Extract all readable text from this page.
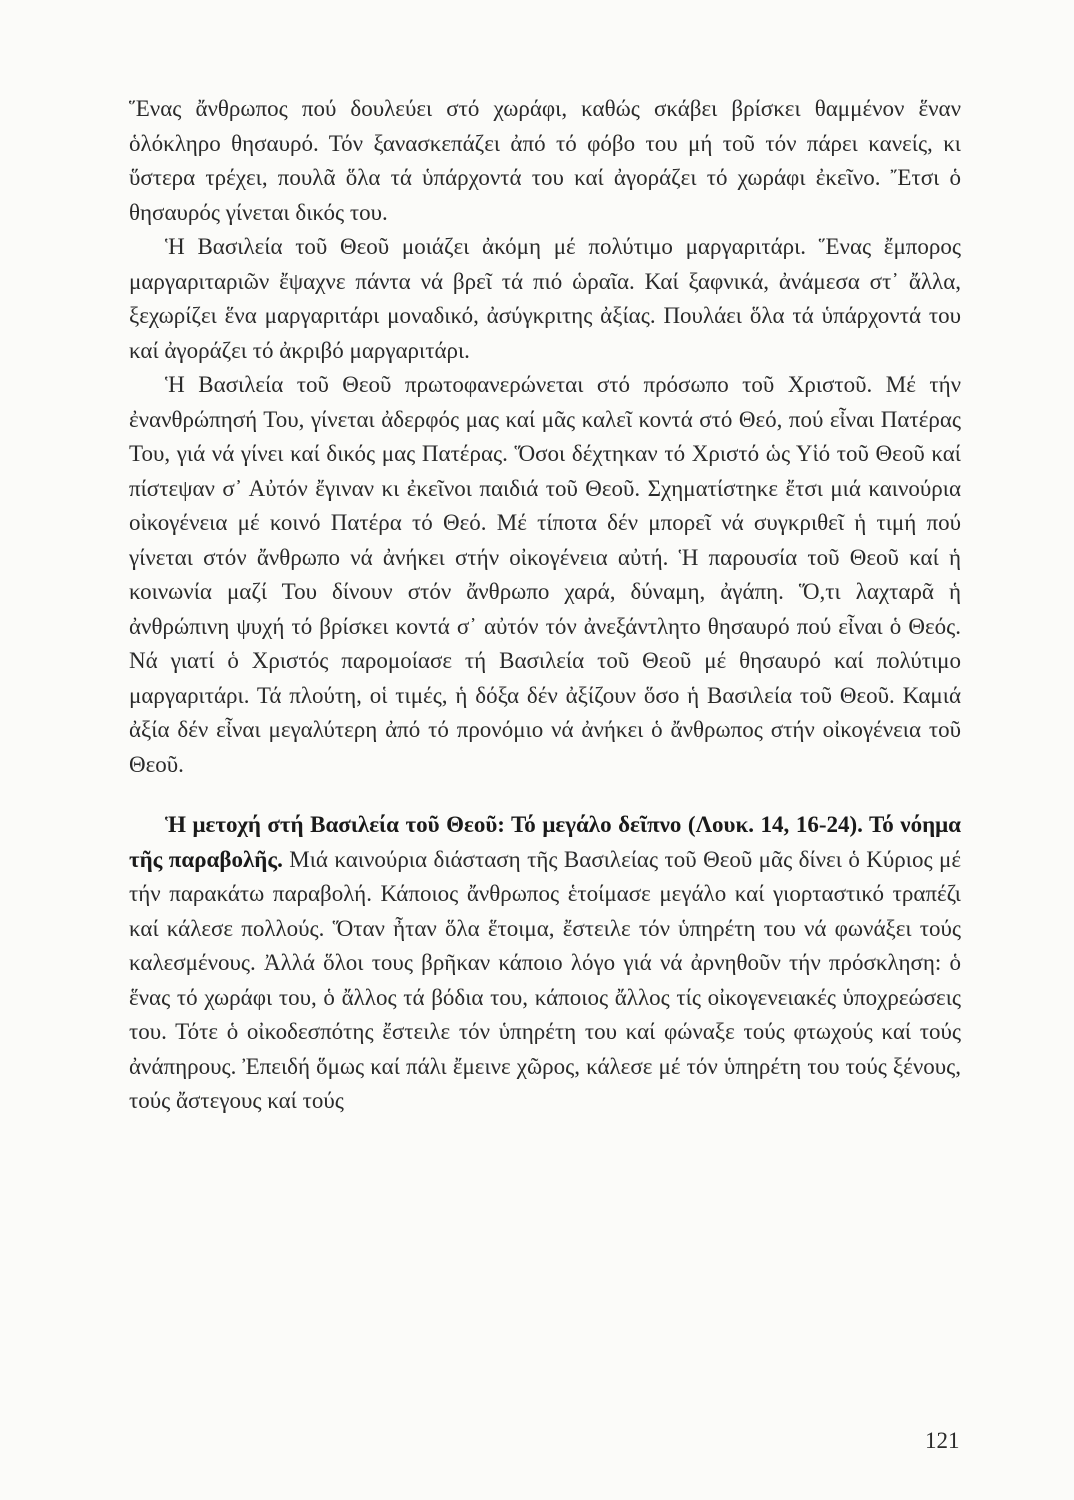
Ἕνας ἄνθρωπος πού δουλεύει στό χωράφι, καθώς σκάβει βρίσκει θαμμένον ἕναν ὁλόκληρο θησαυρό. Τόν ξανασκεπάζει ἀπό τό φόβο του μή τοῦ τόν πάρει κανείς, κι ὕστερα τρέχει, πουλᾶ ὅλα τά ὑπάρχοντά του καί ἀγοράζει τό χωράφι ἐκεῖνο. Ἔτσι ὁ θησαυρός γίνεται δικός του.

Ἡ Βασιλεία τοῦ Θεοῦ μοιάζει ἀκόμη μέ πολύτιμο μαργαριτάρι. Ἕνας ἔμπορος μαργαριταριῶν ἔψαχνε πάντα νά βρεῖ τά πιό ὡραῖα. Καί ξαφνικά, ἀνάμεσα στ᾽ ἄλλα, ξεχωρίζει ἕνα μαργαριτάρι μοναδικό, ἀσύγκριτης ἀξίας. Πουλάει ὅλα τά ὑπάρχοντά του καί ἀγοράζει τό ἀκριβό μαργαριτάρι.

Ἡ Βασιλεία τοῦ Θεοῦ πρωτοφανερώνεται στό πρόσωπο τοῦ Χριστοῦ. Μέ τήν ἐνανθρώπησή Του, γίνεται ἀδερφός μας καί μᾶς καλεῖ κοντά στό Θεό, πού εἶναι Πατέρας Του, γιά νά γίνει καί δικός μας Πατέρας. Ὅσοι δέχτηκαν τό Χριστό ὡς Υἱό τοῦ Θεοῦ καί πίστεψαν σ᾽ Αὐτόν ἔγιναν κι ἐκεῖνοι παιδιά τοῦ Θεοῦ. Σχηματίστηκε ἔτσι μιά καινούρια οἰκογένεια μέ κοινό Πατέρα τό Θεό. Μέ τίποτα δέν μπορεῖ νά συγκριθεῖ ἡ τιμή πού γίνεται στόν ἄνθρωπο νά ἀνήκει στήν οἰκογένεια αὐτή. Ἡ παρουσία τοῦ Θεοῦ καί ἡ κοινωνία μαζί Του δίνουν στόν ἄνθρωπο χαρά, δύναμη, ἀγάπη. Ὅ,τι λαχταρᾶ ἡ ἀνθρώπινη ψυχή τό βρίσκει κοντά σ᾽ αὐτόν τόν ἀνεξάντλητο θησαυρό πού εἶναι ὁ Θεός. Νά γιατί ὁ Χριστός παρομοίασε τή Βασιλεία τοῦ Θεοῦ μέ θησαυρό καί πολύτιμο μαργαριτάρι. Τά πλούτη, οἱ τιμές, ἡ δόξα δέν ἀξίζουν ὅσο ἡ Βασιλεία τοῦ Θεοῦ. Καμιά ἀξία δέν εἶναι μεγαλύτερη ἀπό τό προνόμιο νά ἀνήκει ὁ ἄνθρωπος στήν οἰκογένεια τοῦ Θεοῦ.

Ἡ μετοχή στή Βασιλεία τοῦ Θεοῦ: Τό μεγάλο δεῖπνο (Λουκ. 14, 16-24). Τό νόημα τῆς παραβολῆς. Μιά καινούρια διάσταση τῆς Βασιλείας τοῦ Θεοῦ μᾶς δίνει ὁ Κύριος μέ τήν παρακάτω παραβολή. Κάποιος ἄνθρωπος ἑτοίμασε μεγάλο καί γιορταστικό τραπέζι καί κάλεσε πολλούς. Ὅταν ἦταν ὅλα ἕτοιμα, ἔστειλε τόν ὑπηρέτη του νά φωνάξει τούς καλεσμένους. Ἀλλά ὅλοι τους βρῆκαν κάποιο λόγο γιά νά ἀρνηθοῦν τήν πρόσκληση: ὁ ἕνας τό χωράφι του, ὁ ἄλλος τά βόδια του, κάποιος ἄλλος τίς οἰκογενειακές ὑποχρεώσεις του. Τότε ὁ οἰκοδεσπότης ἔστειλε τόν ὑπηρέτη του καί φώναξε τούς φτωχούς καί τούς ἀνάπηρους. Ἐπειδή ὅμως καί πάλι ἔμεινε χῶρος, κάλεσε μέ τόν ὑπηρέτη του τούς ξένους, τούς ἄστεγους καί τούς

121
